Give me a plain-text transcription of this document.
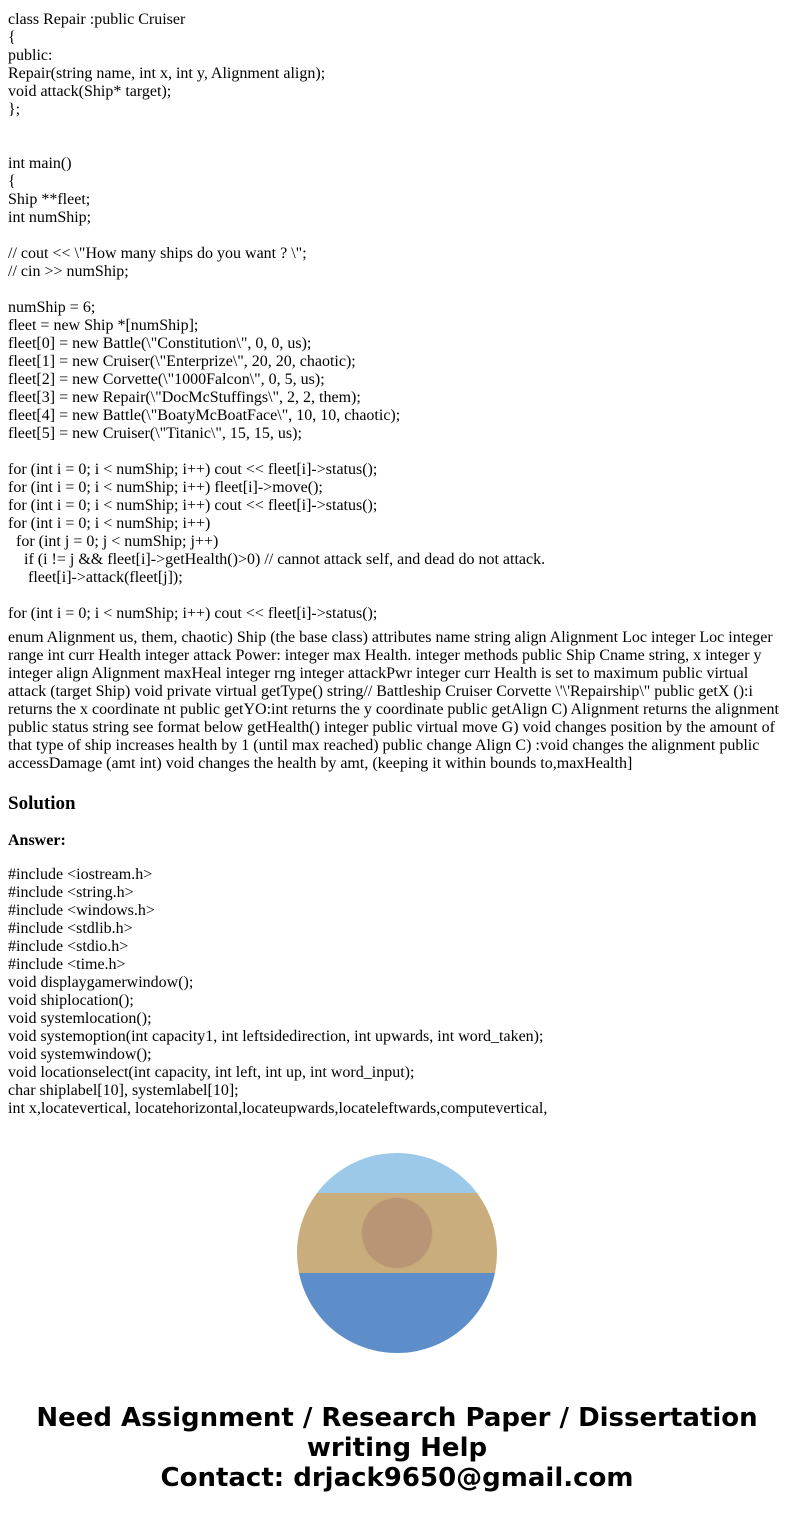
class Repair :public Cruiser
{
public:
Repair(string name, int x, int y, Alignment align);
void attack(Ship* target);
};
int main()
{
Ship **fleet;
int numShip;
// cout << \"How many ships do you want ? \";
// cin >> numShip;
numShip = 6;
fleet = new Ship *[numShip];
fleet[0] = new Battle(\"Constitution\", 0, 0, us);
fleet[1] = new Cruiser(\"Enterprize\", 20, 20, chaotic);
fleet[2] = new Corvette(\"1000Falcon\", 0, 5, us);
fleet[3] = new Repair(\"DocMcStuffings\", 2, 2, them);
fleet[4] = new Battle(\"BoatyMcBoatFace\", 10, 10, chaotic);
fleet[5] = new Cruiser(\"Titanic\", 15, 15, us);
for (int i = 0; i < numShip; i++) cout << fleet[i]->status();
for (int i = 0; i < numShip; i++) fleet[i]->move();
for (int i = 0; i < numShip; i++) cout << fleet[i]->status();
for (int i = 0; i < numShip; i++)
for (int j = 0; j < numShip; j++)
if (i != j && fleet[i]->getHealth()>0) // cannot attack self, and dead do not attack.
fleet[i]->attack(fleet[j]);
for (int i = 0; i < numShip; i++) cout << fleet[i]->status();
enum Alignment us, them, chaotic) Ship (the base class) attributes name string align Alignment Loc integer Loc integer range int curr Health integer attack Power: integer max Health. integer methods public Ship Cname string, x integer y integer align Alignment maxHeal integer rng integer attackPwr integer curr Health is set to maximum public virtual attack (target Ship) void private virtual getType() string// Battleship Cruiser Corvette \'\'Repairship\" public getX ():i returns the x coordinate nt public getYO:int returns the y coordinate public getAlign C) Alignment returns the alignment public status string see format below getHealth() integer public virtual move G) void changes position by the amount of that type of ship increases health by 1 (until max reached) public change Align C) :void changes the alignment public accessDamage (amt int) void changes the health by amt, (keeping it within bounds to,maxHealth]
Solution
Answer:
#include <iostream.h>
#include <string.h>
#include <windows.h>
#include <stdlib.h>
#include <stdio.h>
#include <time.h>
void displaygamerwindow();
void shiplocation();
void systemlocation();
void systemoption(int capacity1, int leftsidedirection, int upwards, int word_taken);
void systemwindow();
void locationselect(int capacity, int left, int up, int word_input);
char shiplabel[10], systemlabel[10];
int x,locatevertical, locatehorizontal,locateupwards,locateleftwards,computevertical,
Need Assignment / Research Paper / Dissertation
writing Help
Contact: drjack9650@gmail.com
